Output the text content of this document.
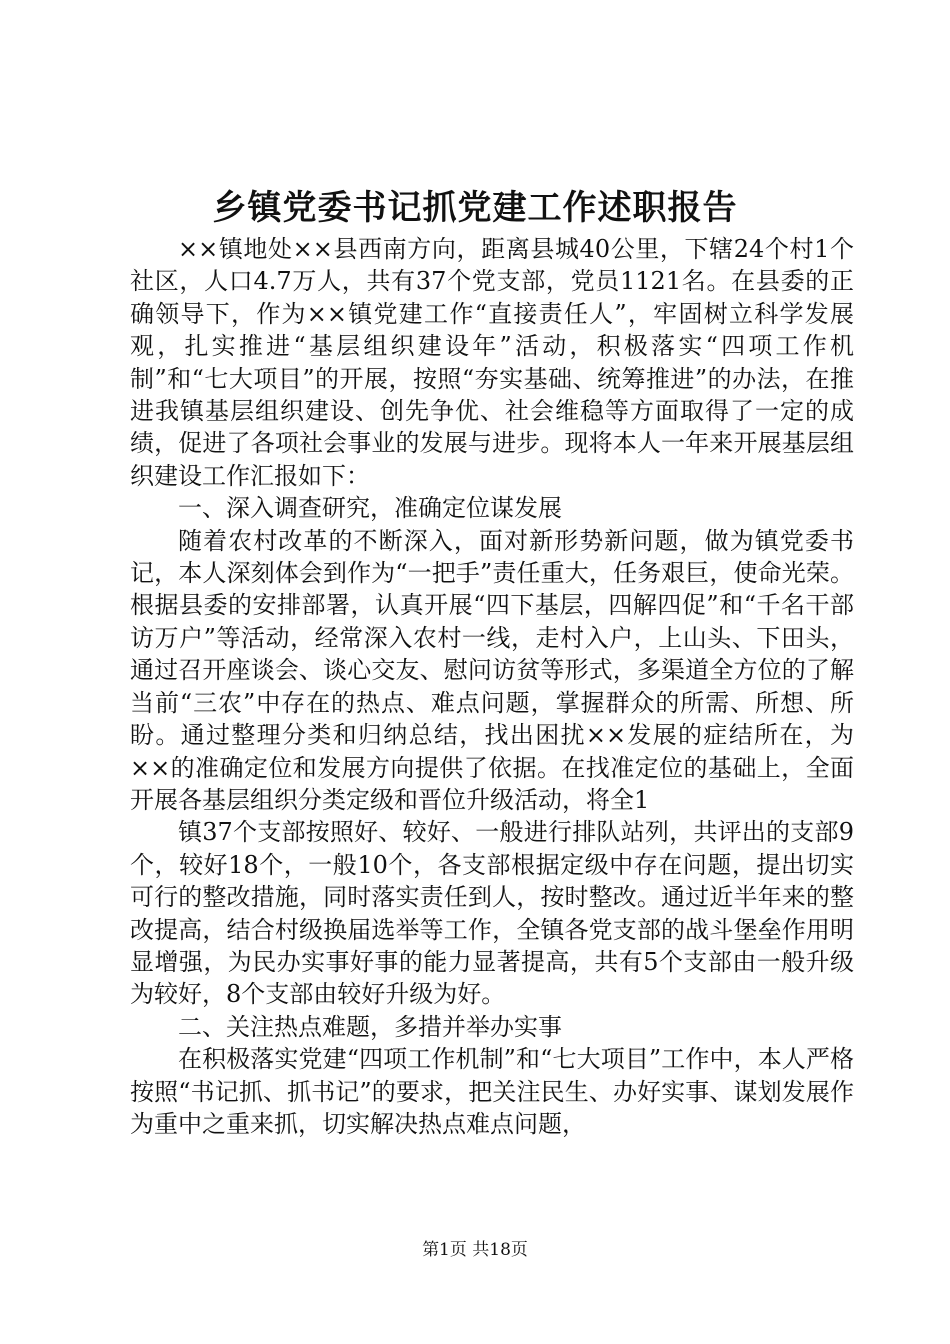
乡镇党委书记抓党建工作述职报告

××镇地处××县西南方向，距离县城40公里，下辖24个村1个社区，人口4.7万人，共有37个党支部，党员1121名。在县委的正确领导下，作为××镇党建工作“直接责任人”，牢固树立科学发展观，扎实推进“基层组织建设年”活动，积极落实“四项工作机制”和“七大项目”的开展，按照“夯实基础、统筹推进”的办法，在推进我镇基层组织建设、创先争优、社会维稳等方面取得了一定的成绩，促进了各项社会事业的发展与进步。现将本人一年来开展基层组织建设工作汇报如下：

一、深入调查研究，准确定位谋发展

随着农村改革的不断深入，面对新形势新问题，做为镇党委书记，本人深刻体会到作为“一把手”责任重大，任务艰巨，使命光荣。根据县委的安排部署，认真开展“四下基层，四解四促”和“千名干部访万户”等活动，经常深入农村一线，走村入户，上山头、下田头，通过召开座谈会、谈心交友、慰问访贫等形式，多渠道全方位的了解当前“三农”中存在的热点、难点问题，掌握群众的所需、所想、所盼。通过整理分类和归纳总结，找出困扰××发展的症结所在，为××的准确定位和发展方向提供了依据。在找准定位的基础上，全面开展各基层组织分类定级和晋位升级活动，将全1

镇37个支部按照好、较好、一般进行排队站列，共评出的支部9个，较好18个，一般10个，各支部根据定级中存在问题，提出切实可行的整改措施，同时落实责任到人，按时整改。通过近半年来的整改提高，结合村级换届选举等工作，全镇各党支部的战斗堡垒作用明显增强，为民办实事好事的能力显著提高，共有5个支部由一般升级为较好，8个支部由较好升级为好。

二、关注热点难题，多措并举办实事

在积极落实党建“四项工作机制”和“七大项目”工作中，本人严格按照“书记抓、抓书记”的要求，把关注民生、办好实事、谋划发展作为重中之重来抓，切实解决热点难点问题，

第1页 共18页
